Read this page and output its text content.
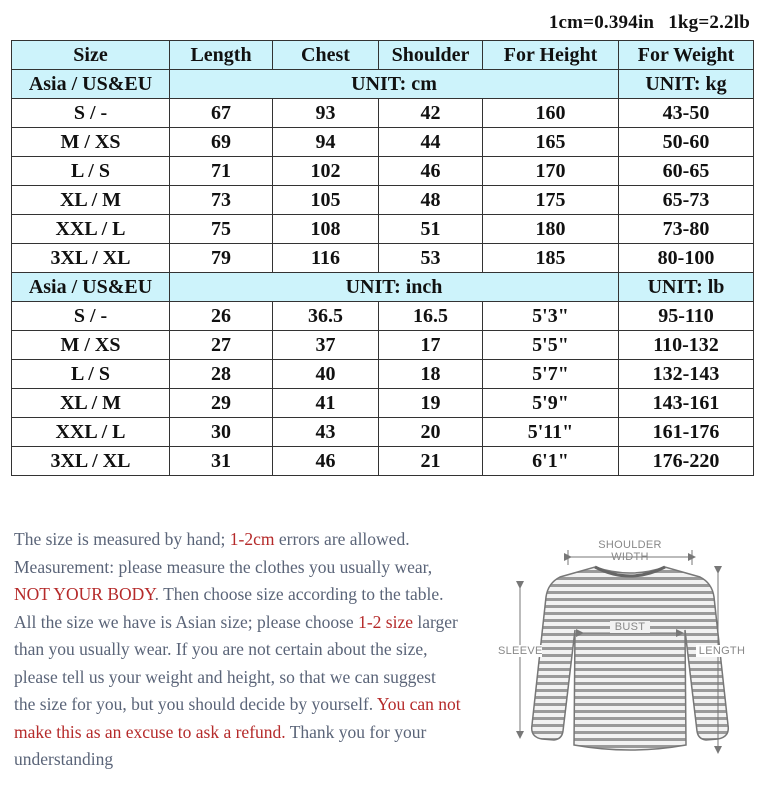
1cm=0.394in 1kg=2.2lb
Size	Length	Chest	Shoulder	For Height	For Weight
Asia / US&EU	UNIT: cm				UNIT: kg
S / -	67	93	42	160	43-50
M / XS	69	94	44	165	50-60
L / S	71	102	46	170	60-65
XL / M	73	105	48	175	65-73
XXL / L	75	108	51	180	73-80
3XL / XL	79	116	53	185	80-100
Asia / US&EU	UNIT: inch				UNIT: lb
S / -	26	36.5	16.5	5'3"	95-110
M / XS	27	37	17	5'5"	110-132
L / S	28	40	18	5'7"	132-143
XL / M	29	41	19	5'9"	143-161
XXL / L	30	43	20	5'11"	161-176
3XL / XL	31	46	21	6'1"	176-220
The size is measured by hand; 1-2cm errors are allowed.
Measurement: please measure the clothes you usually wear,
NOT YOUR BODY. Then choose size according to the table.
All the size we have is Asian size; please choose 1-2 size larger
than you usually wear. If you are not certain about the size,
please tell us your weight and height, so that we can suggest
the size for you, but you should decide by yourself. You can not
make this as an excuse to ask a refund. Thank you for your
understanding
SHOULDER
WIDTH
BUST
SLEEVE	LENGTH
